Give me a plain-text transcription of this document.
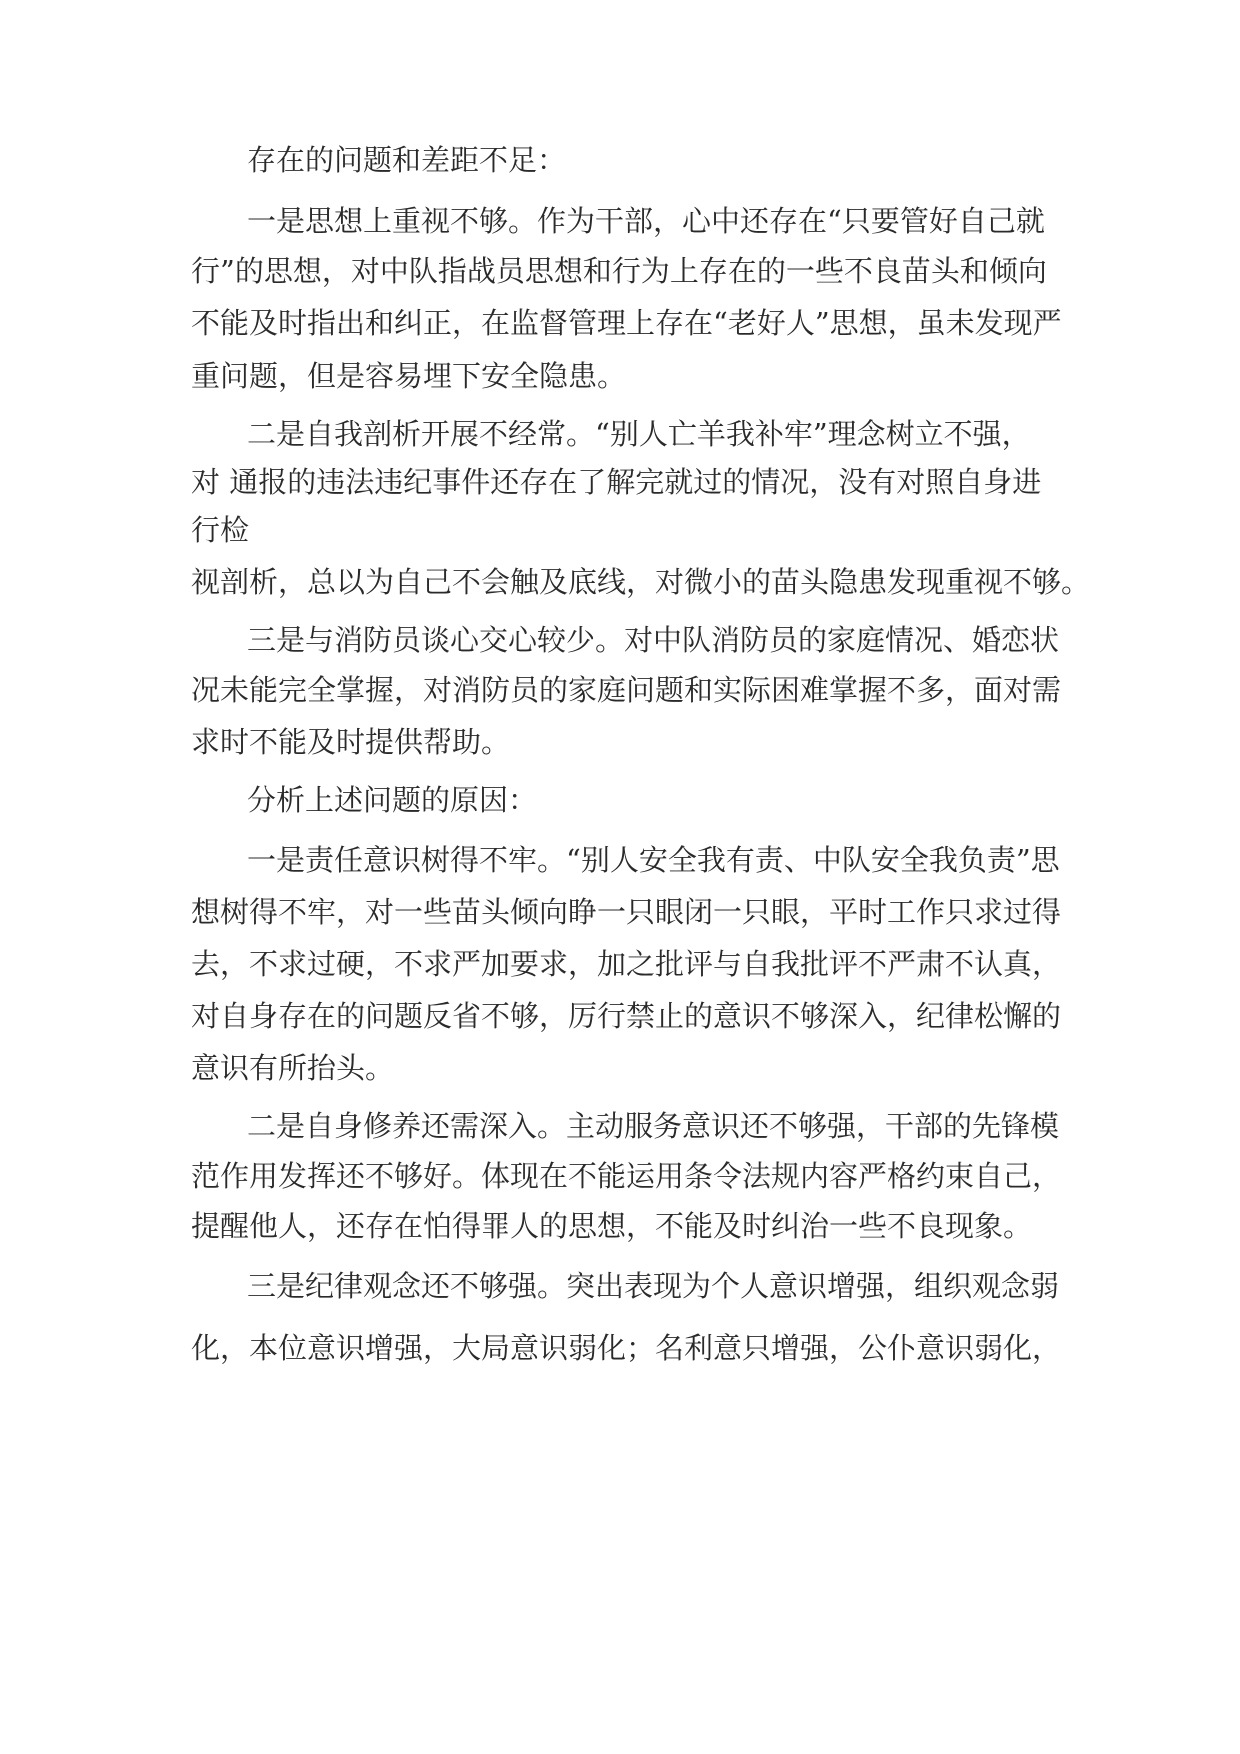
存在的问题和差距不足：

一是思想上重视不够。作为干部，心中还存在“只要管好自己就

行”的思想，对中队指战员思想和行为上存在的一些不良苗头和倾向

不能及时指出和纠正，在监督管理上存在“老好人”思想，虽未发现严

重问题，但是容易埋下安全隐患。

二是自我剖析开展不经常。“别人亡羊我补牢”理念树立不强，

对 通报的违法违纪事件还存在了解完就过的情况，没有对照自身进

行检

视剖析，总以为自己不会触及底线，对微小的苗头隐患发现重视不够。

三是与消防员谈心交心较少。对中队消防员的家庭情况、婚恋状

况未能完全掌握，对消防员的家庭问题和实际困难掌握不多，面对需

求时不能及时提供帮助。

分析上述问题的原因：

一是责任意识树得不牢。“别人安全我有责、中队安全我负责”思

想树得不牢，对一些苗头倾向睁一只眼闭一只眼，平时工作只求过得

去，不求过硬，不求严加要求，加之批评与自我批评不严肃不认真，

对自身存在的问题反省不够，厉行禁止的意识不够深入，纪律松懈的

意识有所抬头。

二是自身修养还需深入。主动服务意识还不够强，干部的先锋模

范作用发挥还不够好。体现在不能运用条令法规内容严格约束自己，

提醒他人，还存在怕得罪人的思想，不能及时纠治一些不良现象。

三是纪律观念还不够强。突出表现为个人意识增强，组织观念弱

化，本位意识增强，大局意识弱化；名利意只增强，公仆意识弱化，
